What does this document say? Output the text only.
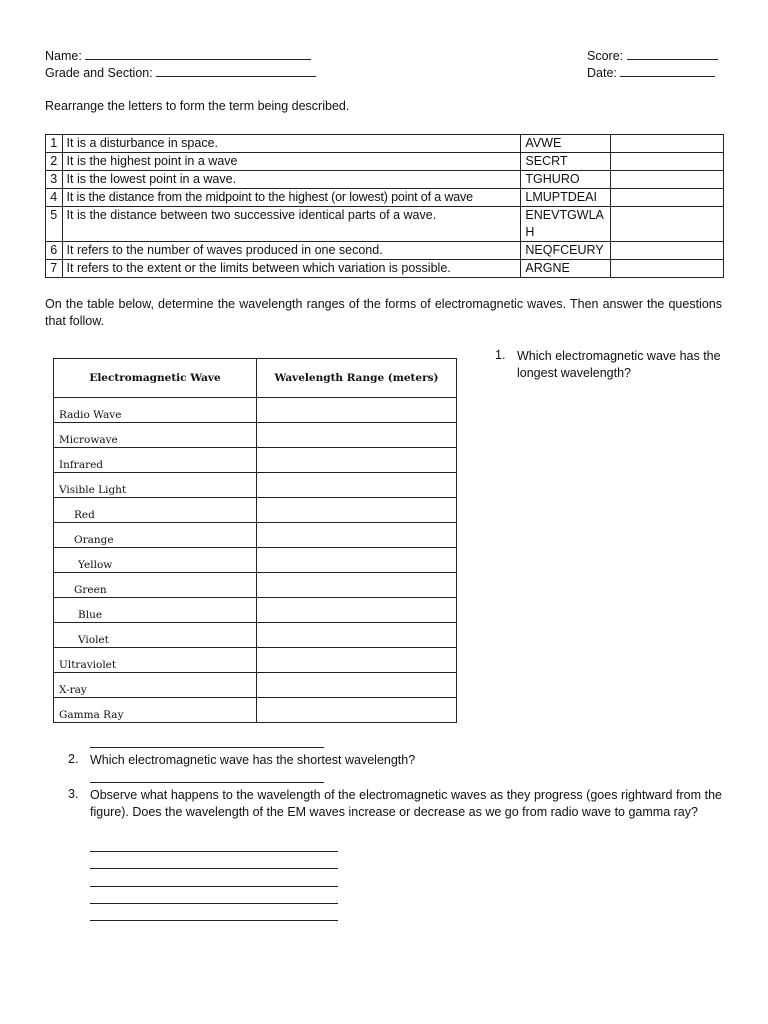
Name:
Grade and Section:
Score:
Date:
Rearrange the letters to form the term being described.
1	It is a disturbance in space.	AVWE	
2	It is the highest point in a wave	SECRT	
3	It is the lowest point in a wave.	TGHURO	
4	It is the distance from the midpoint to the highest (or lowest) point of a wave	LMUPTDEAI	
5	It is the distance between two successive identical parts of a wave.	ENEVTGWLAH	
6	It refers to the number of waves produced in one second.	NEQFCEURY	
7	It refers to the extent or the limits between which variation is possible.	ARGNE	
On the table below, determine the wavelength ranges of the forms of electromagnetic waves. Then answer the questions that follow.
Electromagnetic Wave	Wavelength Range (meters)
Radio Wave	
Microwave	
Infrared	
Visible Light	
Red	
Orange	
Yellow	
Green	
Blue	
Violet	
Ultraviolet	
X-ray	
Gamma Ray	
1. Which electromagnetic wave has the longest wavelength?
2. Which electromagnetic wave has the shortest wavelength?
3. Observe what happens to the wavelength of the electromagnetic waves as they progress (goes rightward from the figure). Does the wavelength of the EM waves increase or decrease as we go from radio wave to gamma ray?
